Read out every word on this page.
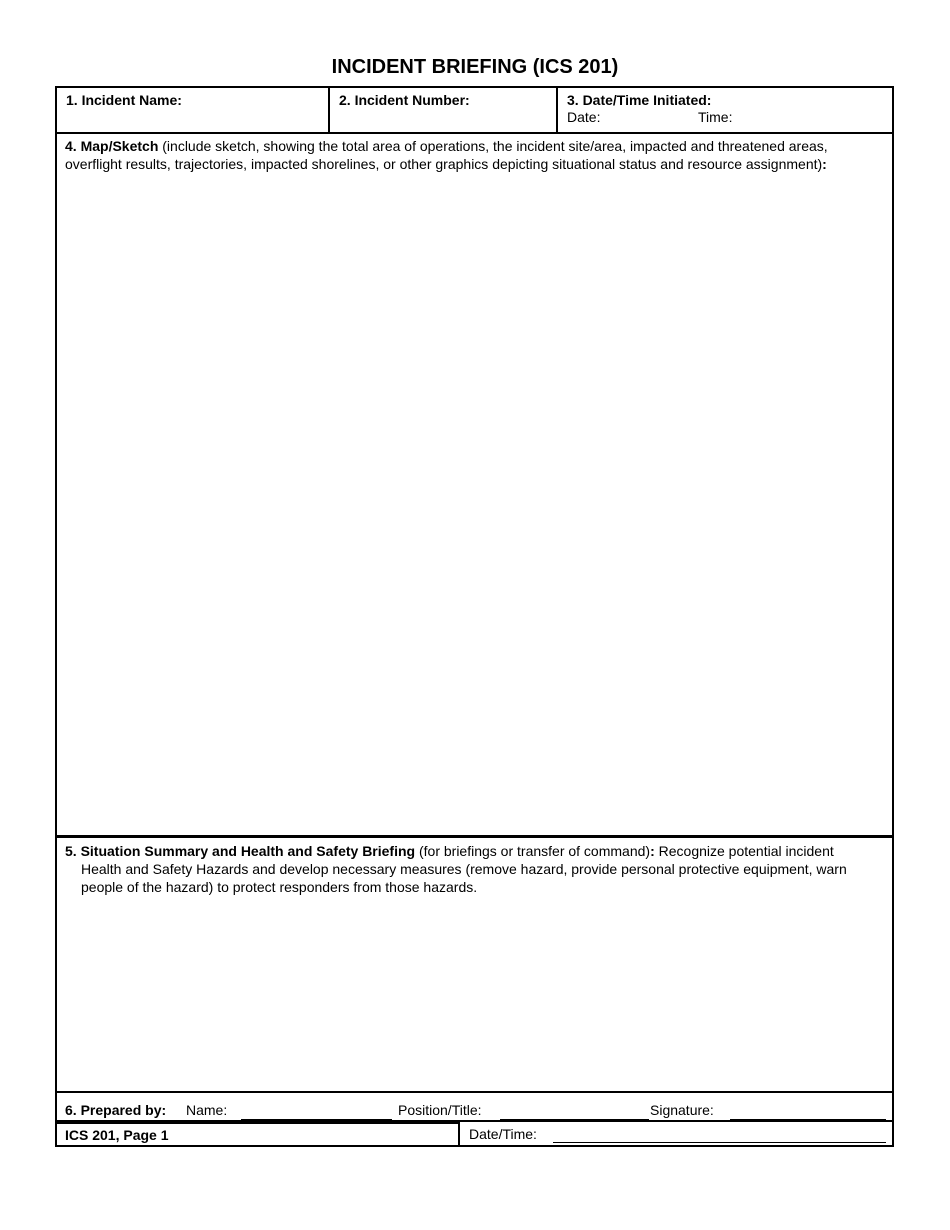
INCIDENT BRIEFING (ICS 201)
1. Incident Name:	2. Incident Number:	3. Date/Time Initiated:
Date:	Time:
4. Map/Sketch (include sketch, showing the total area of operations, the incident site/area, impacted and threatened areas, overflight results, trajectories, impacted shorelines, or other graphics depicting situational status and resource assignment):
5. Situation Summary and Health and Safety Briefing (for briefings or transfer of command): Recognize potential incident Health and Safety Hazards and develop necessary measures (remove hazard, provide personal protective equipment, warn people of the hazard) to protect responders from those hazards.
6. Prepared by: Name:	Position/Title:	Signature:
ICS 201, Page 1	Date/Time:
